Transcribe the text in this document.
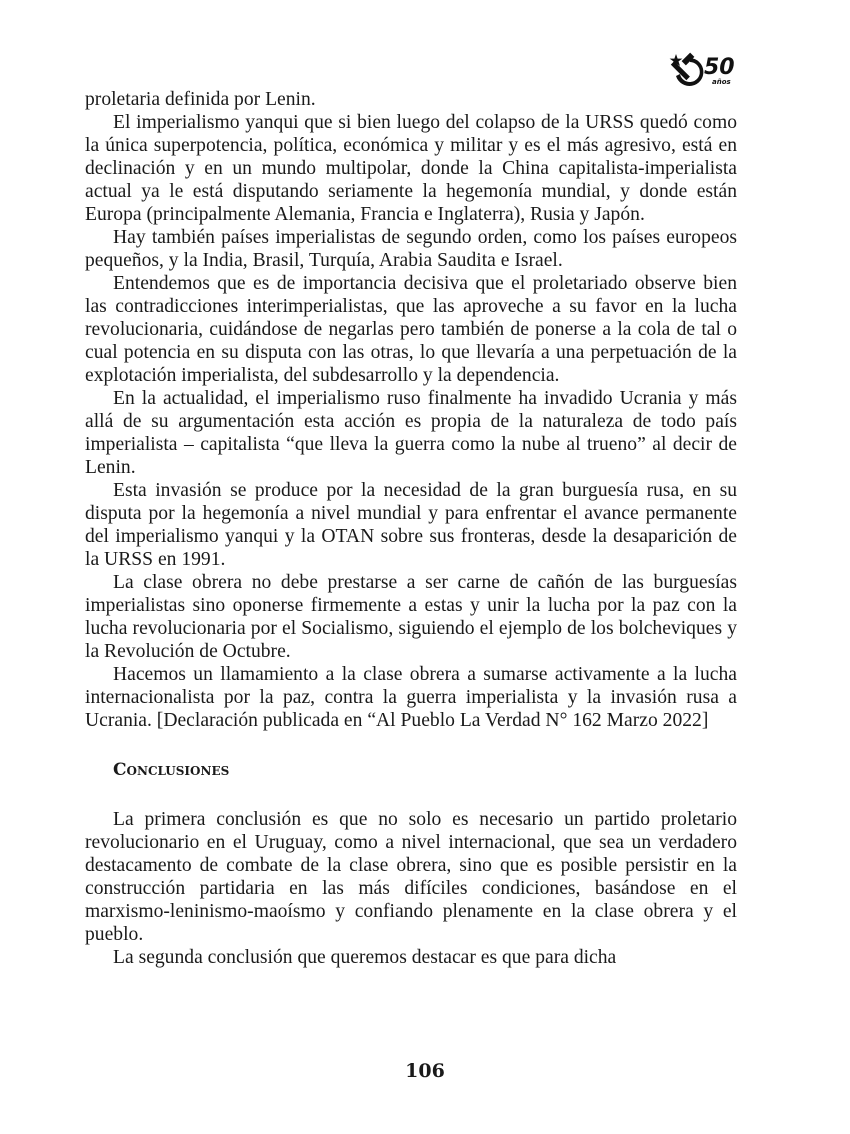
50
años

proletaria definida por Lenin.

El imperialismo yanqui que si bien luego del colapso de la URSS quedó como la única superpotencia, política, económica y militar y es el más agresivo, está en declinación y en un mundo multipolar, donde la China capitalista-imperialista actual ya le está disputando seriamente la hegemonía mundial, y donde están Europa (principalmente Alemania, Francia e Inglaterra), Rusia y Japón.

Hay también países imperialistas de segundo orden, como los países europeos pequeños, y la India, Brasil, Turquía, Arabia Saudita e Israel.

Entendemos que es de importancia decisiva que el proletariado observe bien las contradicciones interimperialistas, que las aproveche a su favor en la lucha revolucionaria, cuidándose de negarlas pero también de ponerse a la cola de tal o cual potencia en su disputa con las otras, lo que llevaría a una perpetuación de la explotación imperialista, del subdesarrollo y la dependencia.

En la actualidad, el imperialismo ruso finalmente ha invadido Ucrania y más allá de su argumentación esta acción es propia de la naturaleza de todo país imperialista – capitalista “que lleva la guerra como la nube al trueno” al decir de Lenin.

Esta invasión se produce por la necesidad de la gran burguesía rusa, en su disputa por la hegemonía a nivel mundial y para enfrentar el avance permanente del imperialismo yanqui y la OTAN sobre sus fronteras, desde la desaparición de la URSS en 1991.

La clase obrera no debe prestarse a ser carne de cañón de las burguesías imperialistas sino oponerse firmemente a estas y unir la lucha por la paz con la lucha revolucionaria por el Socialismo, siguiendo el ejemplo de los bolcheviques y la Revolución de Octubre.

Hacemos un llamamiento a la clase obrera a sumarse activamente a la lucha internacionalista por la paz, contra la guerra imperialista y la invasión rusa a Ucrania. [Declaración publicada en “Al Pueblo La Verdad N° 162 Marzo 2022]

Conclusiones

La primera conclusión es que no solo es necesario un partido proletario revolucionario en el Uruguay, como a nivel internacional, que sea un verdadero destacamento de combate de la clase obrera, sino que es posible persistir en la construcción partidaria en las más difíciles condiciones, basándose en el marxismo-leninismo-maoísmo y confiando plenamente en la clase obrera y el pueblo.

La segunda conclusión que queremos destacar es que para dicha

106
